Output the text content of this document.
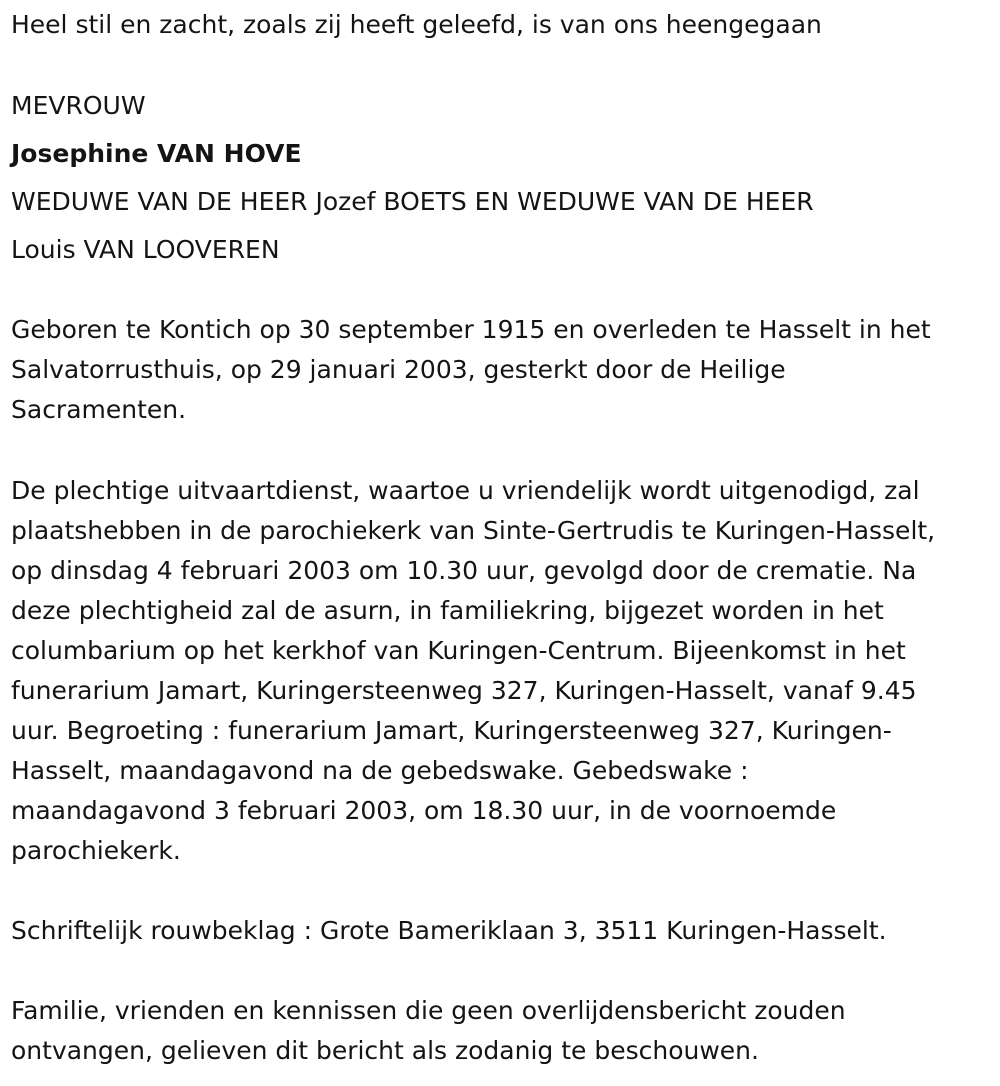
Heel stil en zacht, zoals zij heeft geleefd, is van ons heengegaan
MEVROUW
Josephine VAN HOVE
WEDUWE VAN DE HEER Jozef BOETS EN WEDUWE VAN DE HEER
Louis VAN LOOVEREN
Geboren te Kontich op 30 september 1915 en overleden te Hasselt in het
Salvatorrusthuis, op 29 januari 2003, gesterkt door de Heilige
Sacramenten.
De plechtige uitvaartdienst, waartoe u vriendelijk wordt uitgenodigd, zal
plaatshebben in de parochiekerk van Sinte-Gertrudis te Kuringen-Hasselt,
op dinsdag 4 februari 2003 om 10.30 uur, gevolgd door de crematie. Na
deze plechtigheid zal de asurn, in familiekring, bijgezet worden in het
columbarium op het kerkhof van Kuringen-Centrum. Bijeenkomst in het
funerarium Jamart, Kuringersteenweg 327, Kuringen-Hasselt, vanaf 9.45
uur. Begroeting : funerarium Jamart, Kuringersteenweg 327, Kuringen-
Hasselt, maandagavond na de gebedswake. Gebedswake :
maandagavond 3 februari 2003, om 18.30 uur, in de voornoemde
parochiekerk.
Schriftelijk rouwbeklag : Grote Bameriklaan 3, 3511 Kuringen-Hasselt.
Familie, vrienden en kennissen die geen overlijdensbericht zouden
ontvangen, gelieven dit bericht als zodanig te beschouwen.
